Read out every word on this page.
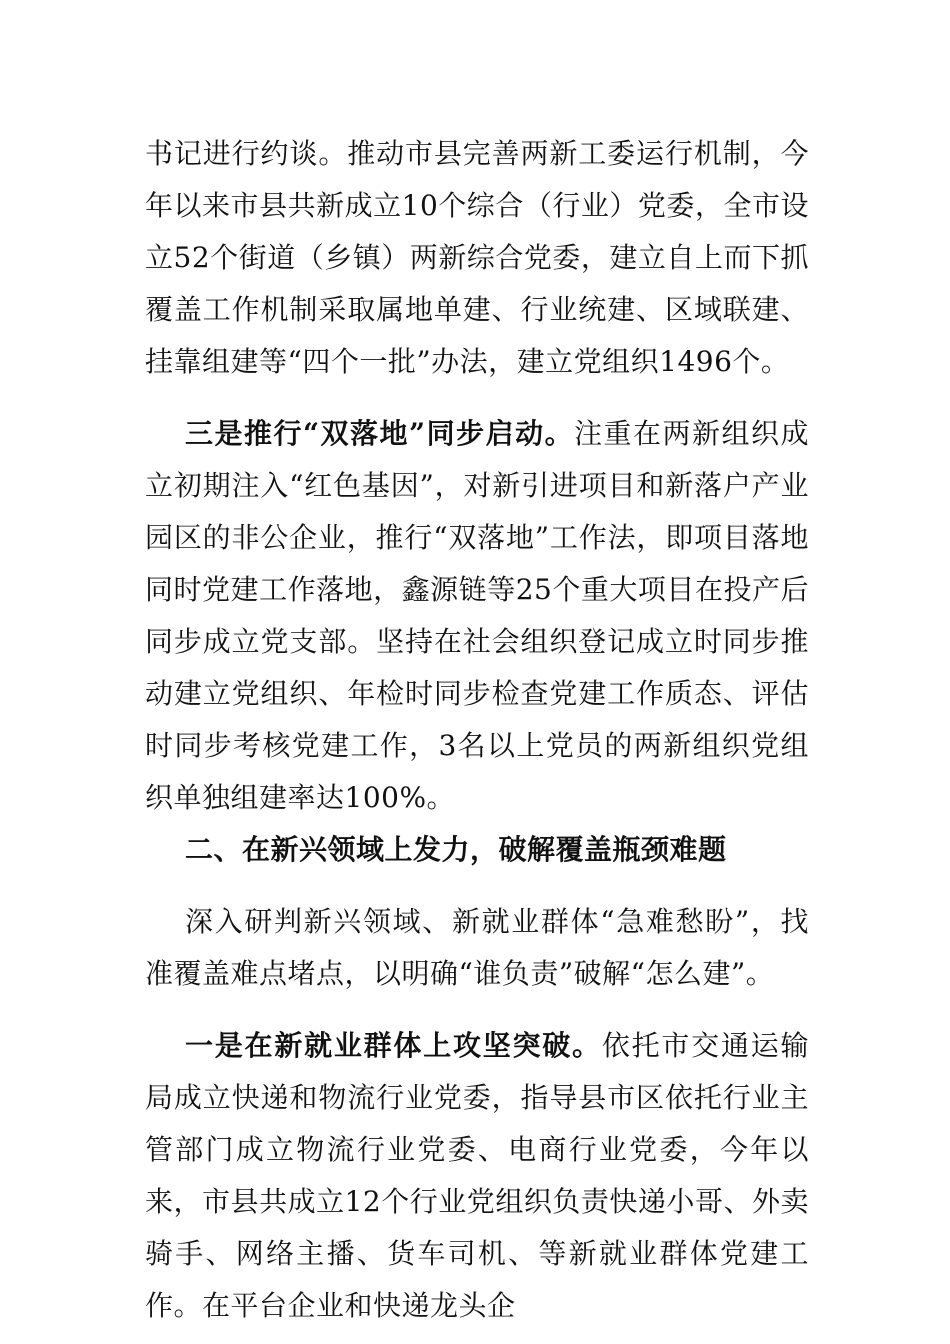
书记进行约谈。推动市县完善两新工委运行机制，今年以来市县共新成立10个综合（行业）党委，全市设立52个街道（乡镇）两新综合党委，建立自上而下抓覆盖工作机制采取属地单建、行业统建、区域联建、挂靠组建等“四个一批”办法，建立党组织1496个。

三是推行“双落地”同步启动。注重在两新组织成立初期注入“红色基因”，对新引进项目和新落户产业园区的非公企业，推行“双落地”工作法，即项目落地同时党建工作落地，鑫源链等25个重大项目在投产后同步成立党支部。坚持在社会组织登记成立时同步推动建立党组织、年检时同步检查党建工作质态、评估时同步考核党建工作，3名以上党员的两新组织党组织单独组建率达100%。

二、在新兴领域上发力，破解覆盖瓶颈难题

深入研判新兴领域、新就业群体“急难愁盼”，找准覆盖难点堵点，以明确“谁负责”破解“怎么建”。

一是在新就业群体上攻坚突破。依托市交通运输局成立快递和物流行业党委，指导县市区依托行业主管部门成立物流行业党委、电商行业党委，今年以来，市县共成立12个行业党组织负责快递小哥、外卖骑手、网络主播、货车司机、等新就业群体党建工作。在平台企业和快递龙头企
